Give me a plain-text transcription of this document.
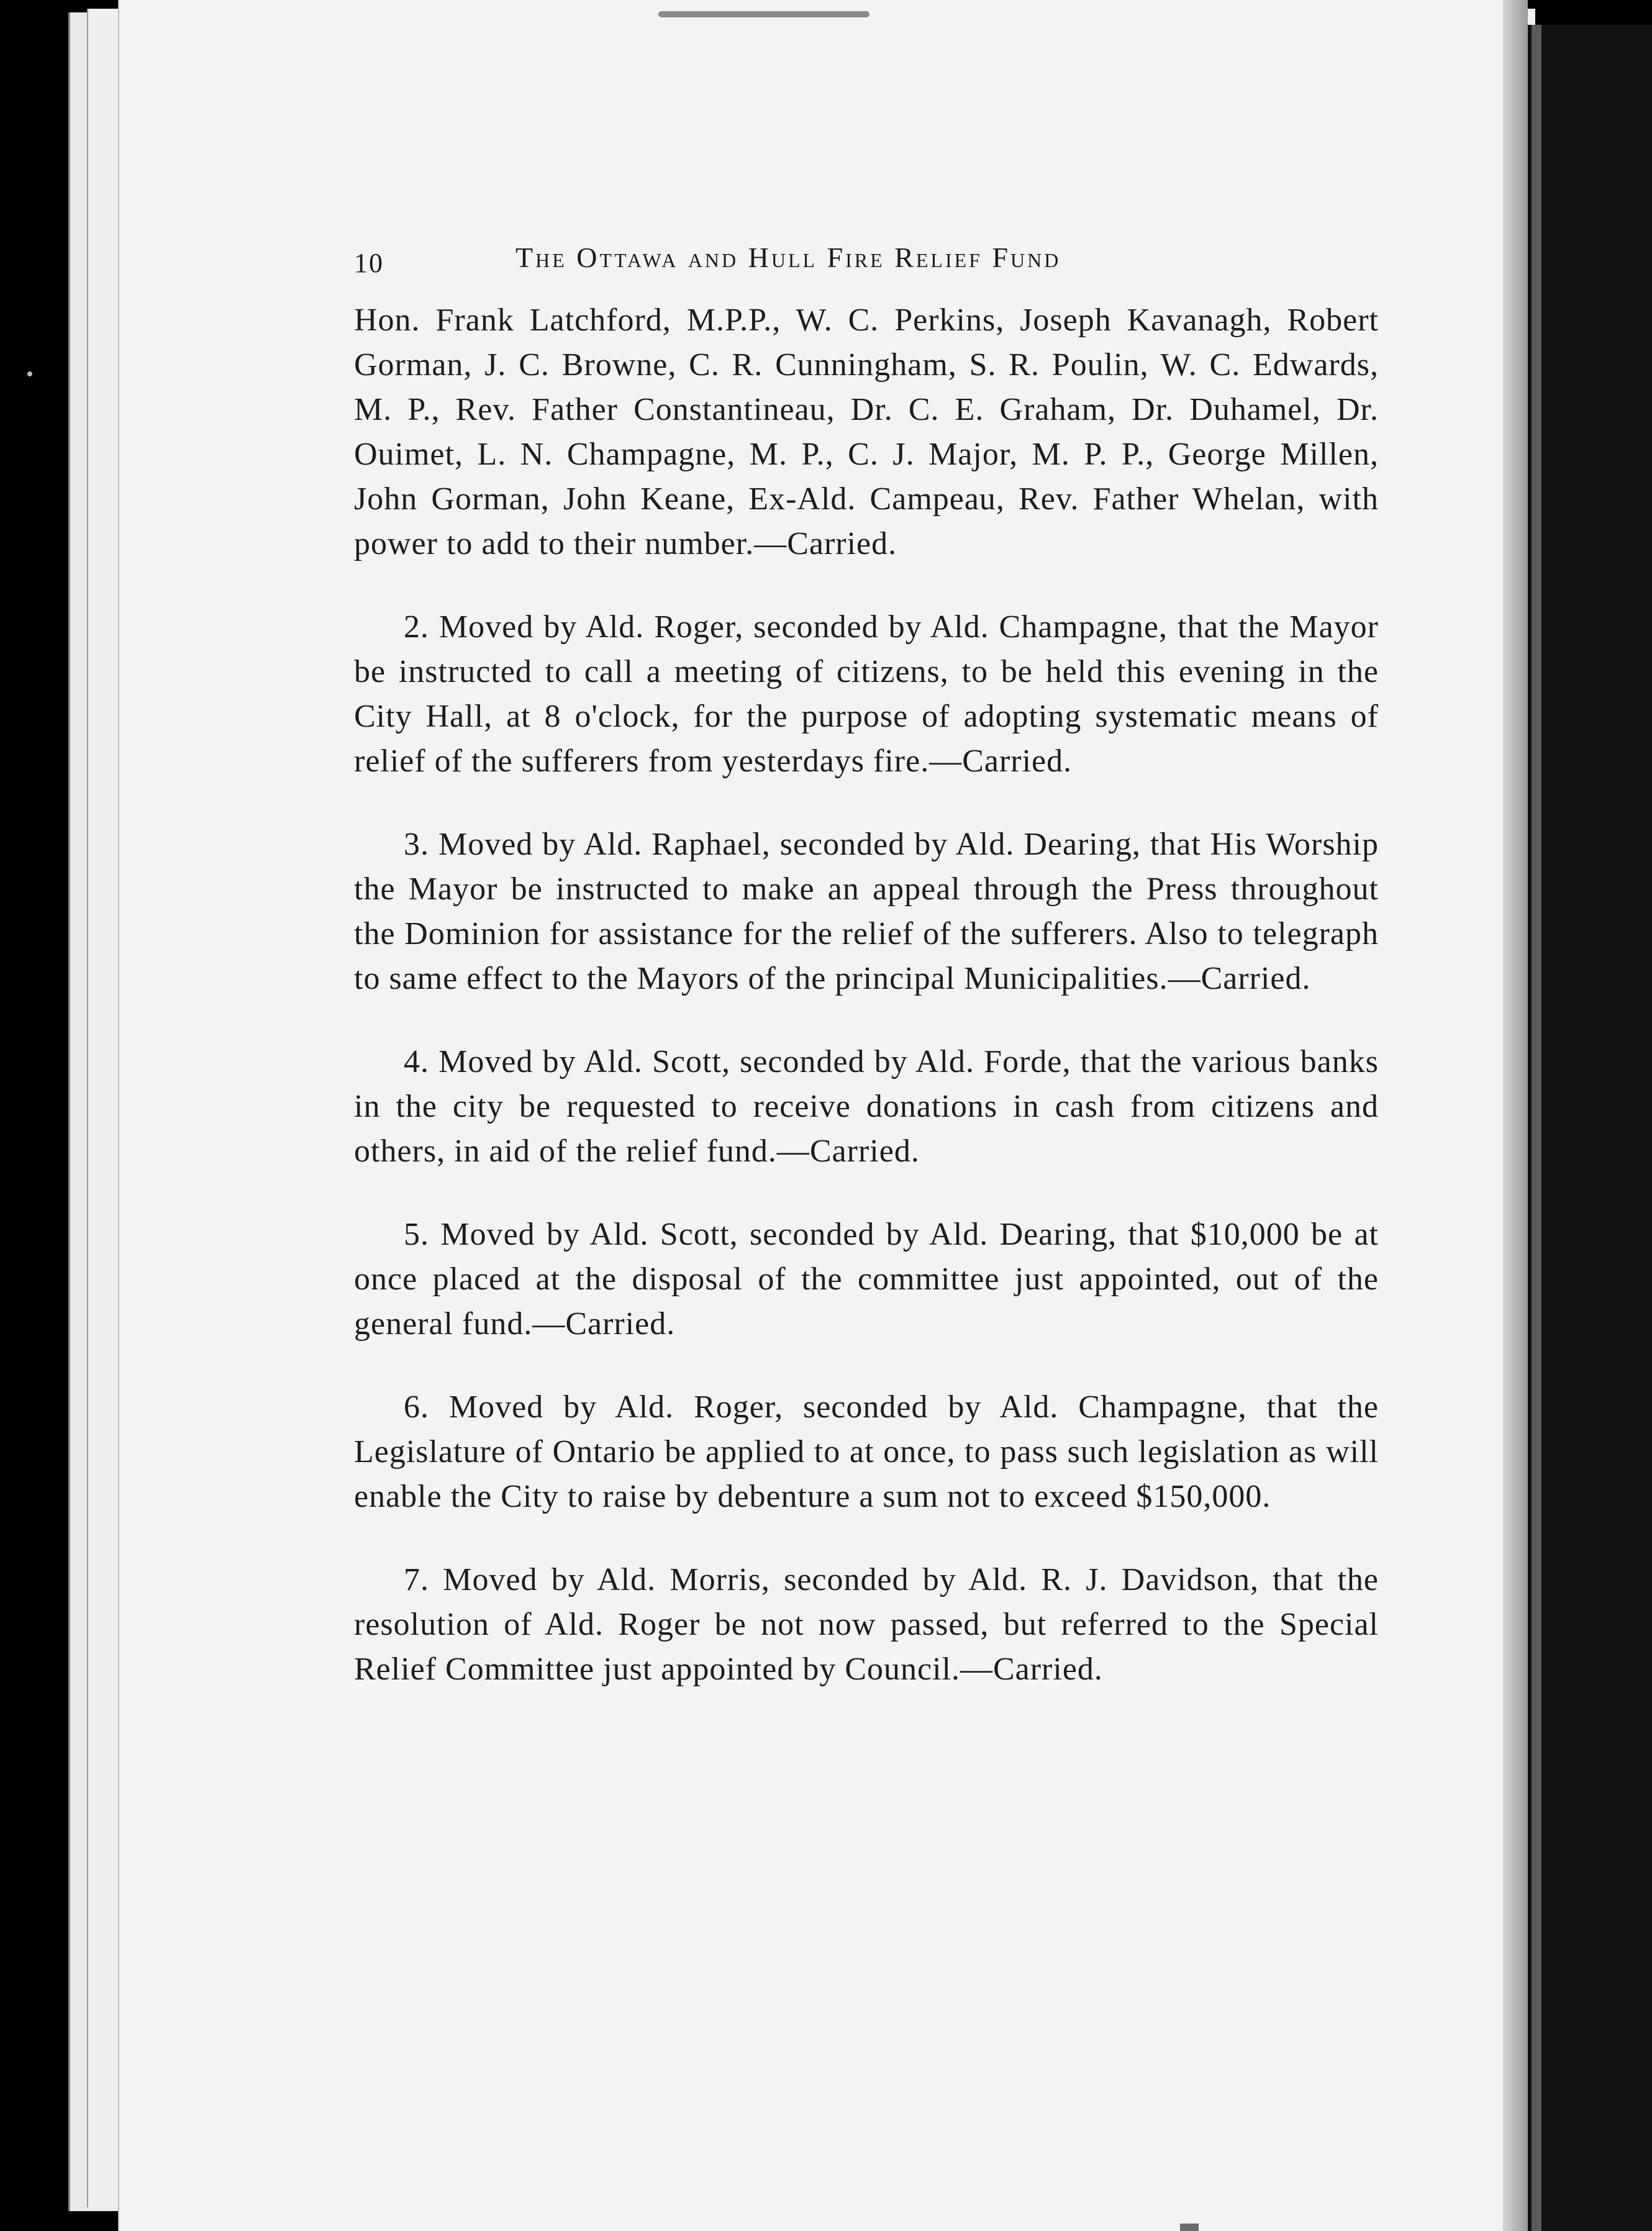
10	The Ottawa and Hull Fire Relief Fund

Hon. Frank Latchford, M.P.P., W. C. Perkins, Joseph Kavanagh, Robert Gorman, J. C. Browne, C. R. Cunningham, S. R. Poulin, W. C. Edwards, M. P., Rev. Father Constantineau, Dr. C. E. Graham, Dr. Duhamel, Dr. Ouimet, L. N. Champagne, M. P., C. J. Major, M. P. P., George Millen, John Gorman, John Keane, Ex-Ald. Campeau, Rev. Father Whelan, with power to add to their number.—Carried.

2. Moved by Ald. Roger, seconded by Ald. Champagne, that the Mayor be instructed to call a meeting of citizens, to be held this evening in the City Hall, at 8 o'clock, for the purpose of adopting systematic means of relief of the sufferers from yesterdays fire.—Carried.

3. Moved by Ald. Raphael, seconded by Ald. Dearing, that His Worship the Mayor be instructed to make an appeal through the Press throughout the Dominion for assistance for the relief of the sufferers. Also to telegraph to same effect to the Mayors of the principal Municipalities.—Carried.

4. Moved by Ald. Scott, seconded by Ald. Forde, that the various banks in the city be requested to receive donations in cash from citizens and others, in aid of the relief fund.—Carried.

5. Moved by Ald. Scott, seconded by Ald. Dearing, that $10,000 be at once placed at the disposal of the committee just appointed, out of the general fund.—Carried.

6. Moved by Ald. Roger, seconded by Ald. Champagne, that the Legislature of Ontario be applied to at once, to pass such legislation as will enable the City to raise by debenture a sum not to exceed $150,000.

7. Moved by Ald. Morris, seconded by Ald. R. J. Davidson, that the resolution of Ald. Roger be not now passed, but referred to the Special Relief Committee just appointed by Council.—Carried.
